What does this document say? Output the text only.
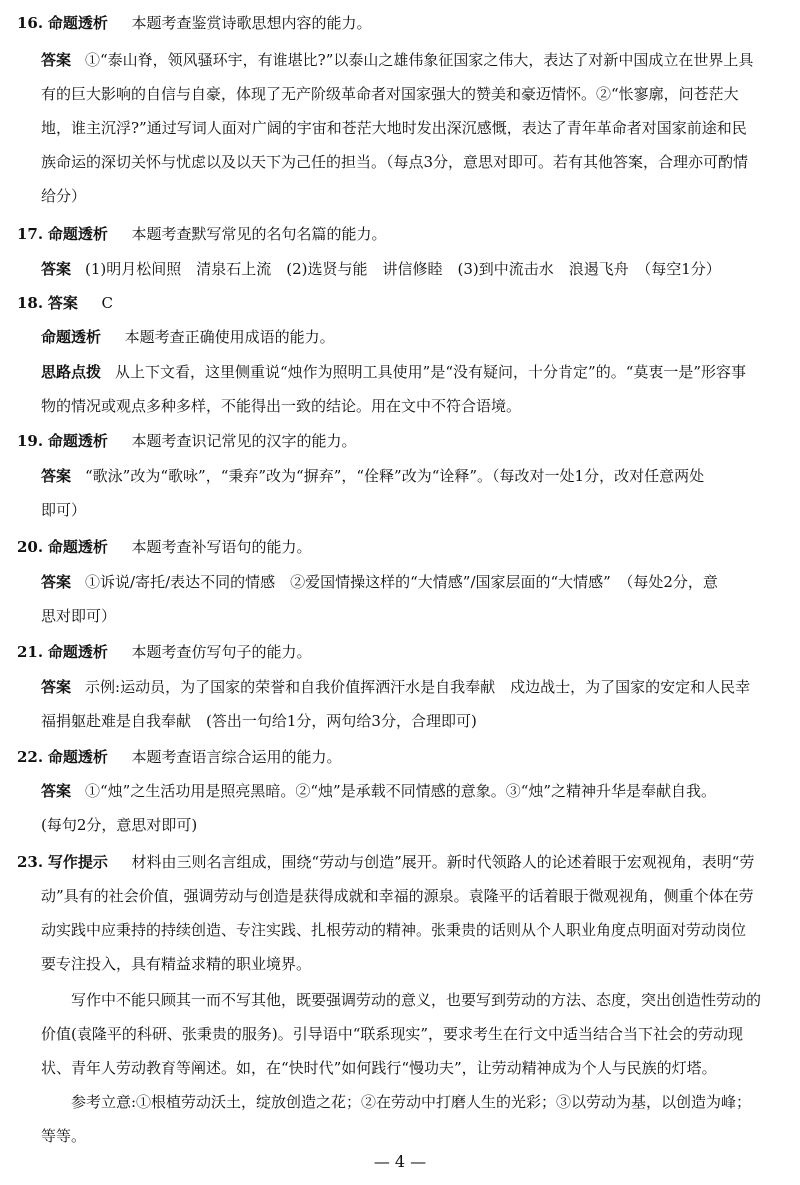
16. 命题透析 本题考查鉴赏诗歌思想内容的能力。
答案 ①“泰山脊，领风骚环宇，有谁堪比?”以泰山之雄伟象征国家之伟大，表达了对新中国成立在世界上具
有的巨大影响的自信与自豪，体现了无产阶级革命者对国家强大的赞美和豪迈情怀。②“怅寥廓，问苍茫大
地，谁主沉浮?”通过写词人面对广阔的宇宙和苍茫大地时发出深沉感慨，表达了青年革命者对国家前途和民
族命运的深切关怀与忧虑以及以天下为己任的担当。（每点3分，意思对即可。若有其他答案，合理亦可酌情
给分）
17. 命题透析 本题考查默写常见的名句名篇的能力。
答案 (1)明月松间照　清泉石上流　(2)选贤与能　讲信修睦　(3)到中流击水　浪遏飞舟　（每空1分）
18. 答案 C
命题透析 本题考查正确使用成语的能力。
思路点拨 从上下文看，这里侧重说“烛作为照明工具使用”是“没有疑问，十分肯定”的。“莫衷一是”形容事
物的情况或观点多种多样，不能得出一致的结论。用在文中不符合语境。
19. 命题透析 本题考查识记常见的汉字的能力。
答案 “歌泳”改为“歌咏”，“秉弃”改为“摒弃”，“佺释”改为“诠释”。（每改对一处1分，改对任意两处
即可）
20. 命题透析 本题考查补写语句的能力。
答案 ①诉说/寄托/表达不同的情感　②爱国情操这样的“大情感”/国家层面的“大情感”　（每处2分，意
思对即可）
21. 命题透析 本题考查仿写句子的能力。
答案 示例:运动员，为了国家的荣誉和自我价值挥洒汗水是自我奉献　戍边战士，为了国家的安定和人民幸
福捐躯赴难是自我奉献　(答出一句给1分，两句给3分，合理即可)
22. 命题透析 本题考查语言综合运用的能力。
答案 ①“烛”之生活功用是照亮黑暗。②“烛”是承载不同情感的意象。③“烛”之精神升华是奉献自我。
(每句2分，意思对即可)
23. 写作提示 材料由三则名言组成，围绕“劳动与创造”展开。新时代领路人的论述着眼于宏观视角，表明“劳
动”具有的社会价值，强调劳动与创造是获得成就和幸福的源泉。袁隆平的话着眼于微观视角，侧重个体在劳
动实践中应秉持的持续创造、专注实践、扎根劳动的精神。张秉贵的话则从个人职业角度点明面对劳动岗位
要专注投入，具有精益求精的职业境界。
写作中不能只顾其一而不写其他，既要强调劳动的意义，也要写到劳动的方法、态度，突出创造性劳动的
价值(袁隆平的科研、张秉贵的服务)。引导语中“联系现实”，要求考生在行文中适当结合当下社会的劳动现
状、青年人劳动教育等阐述。如，在“快时代”如何践行“慢功夫”，让劳动精神成为个人与民族的灯塔。
参考立意:①根植劳动沃土，绽放创造之花；②在劳动中打磨人生的光彩；③以劳动为基，以创造为峰；
等等。
— 4 —
